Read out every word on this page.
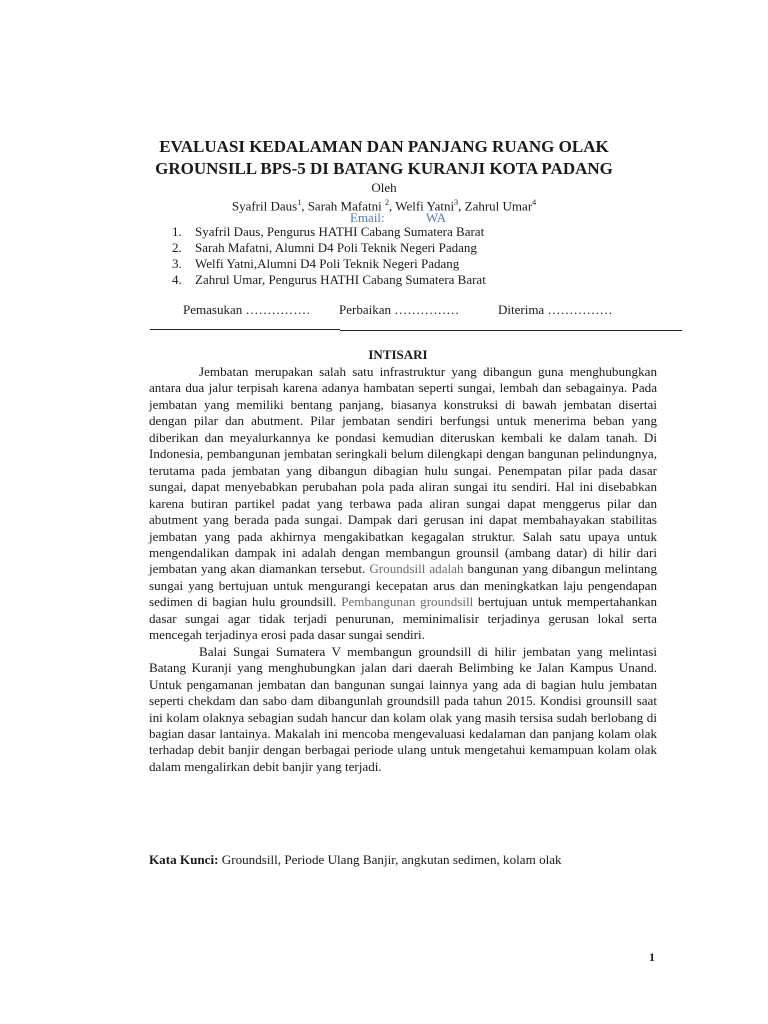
EVALUASI KEDALAMAN DAN PANJANG RUANG OLAK
GROUNSILL BPS-5 DI BATANG KURANJI KOTA PADANG
Oleh
Syafril Daus$^1$, Sarah Mafatni $^2$, Welfi Yatni$^3$, Zahrul Umar$^4$
Email:	WA
1.	Syafril Daus, Pengurus HATHI Cabang Sumatera Barat
2.	Sarah Mafatni, Alumni D4 Poli Teknik Negeri Padang
3.	Welfi Yatni,Alumni D4 Poli Teknik Negeri Padang
4.	Zahrul Umar, Pengurus HATHI Cabang Sumatera Barat
Pemasukan …………… Perbaikan ……………	Diterima ……………
INTISARI

Jembatan merupakan salah satu infrastruktur yang dibangun guna menghubungkan antara dua jalur terpisah karena adanya hambatan seperti sungai, lembah dan sebagainya. Pada jembatan yang memiliki bentang panjang, biasanya konstruksi di bawah jembatan disertai dengan pilar dan abutment. Pilar jembatan sendiri berfungsi untuk menerima beban yang diberikan dan meyalurkannya ke pondasi kemudian diteruskan kembali ke dalam tanah. Di Indonesia, pembangunan jembatan seringkali belum dilengkapi dengan bangunan pelindungnya, terutama pada jembatan yang dibangun dibagian hulu sungai. Penempatan pilar pada dasar sungai, dapat menyebabkan perubahan pola pada aliran sungai itu sendiri. Hal ini disebabkan karena butiran partikel padat yang terbawa pada aliran sungai dapat menggerus pilar dan abutment yang berada pada sungai. Dampak dari gerusan ini dapat membahayakan stabilitas jembatan yang pada akhirnya mengakibatkan kegagalan struktur. Salah satu upaya untuk mengendalikan dampak ini adalah dengan membangun grounsil (ambang datar) di hilir dari jembatan yang akan diamankan tersebut. Groundsill adalah bangunan yang dibangun melintang sungai yang bertujuan untuk mengurangi kecepatan arus dan meningkatkan laju pengendapan sedimen di bagian hulu groundsill. Pembangunan groundsill bertujuan untuk mempertahankan dasar sungai agar tidak terjadi penurunan, meminimalisir terjadinya gerusan lokal serta mencegah terjadinya erosi pada dasar sungai sendiri.

Balai Sungai Sumatera V membangun groundsill di hilir jembatan yang melintasi Batang Kuranji yang menghubungkan jalan dari daerah Belimbing ke Jalan Kampus Unand. Untuk pengamanan jembatan dan bangunan sungai lainnya yang ada di bagian hulu jembatan seperti chekdam dan sabo dam dibangunlah groundsill pada tahun 2015. Kondisi grounsill saat ini kolam olaknya sebagian sudah hancur dan kolam olak yang masih tersisa sudah berlobang di bagian dasar lantainya. Makalah ini mencoba mengevaluasi kedalaman dan panjang kolam olak terhadap debit banjir dengan berbagai periode ulang untuk mengetahui kemampuan kolam olak dalam mengalirkan debit banjir yang terjadi.

Kata Kunci: Groundsill, Periode Ulang Banjir, angkutan sedimen, kolam olak
1
